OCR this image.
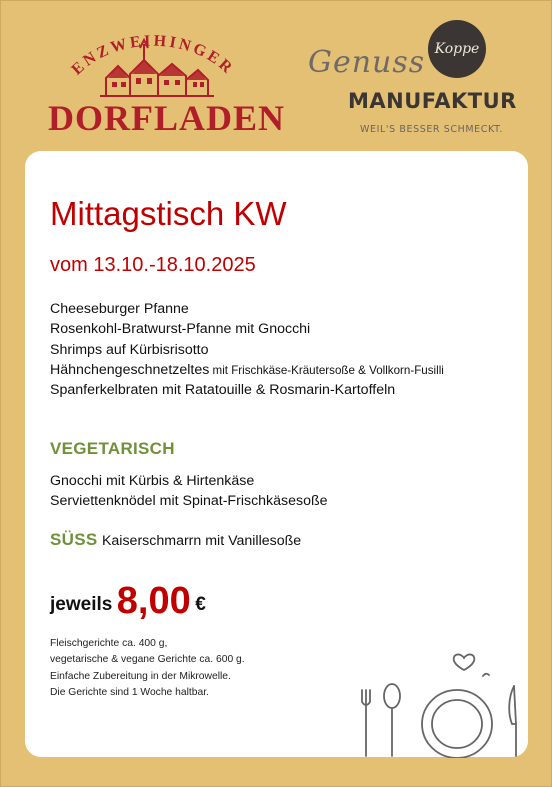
ENZWEIHINGER
DORFLADEN
Genuss Koppe
MANUFAKTUR
WEIL'S BESSER SCHMECKT.
Mittagstisch KW
vom 13.10.-18.10.2025
Cheeseburger Pfanne
Rosenkohl-Bratwurst-Pfanne mit Gnocchi
Shrimps auf Kürbisrisotto
Hähnchengeschnetzeltes mit Frischkäse-Kräutersoße & Vollkorn-Fusilli
Spanferkelbraten mit Ratatouille & Rosmarin-Kartoffeln
VEGETARISCH
Gnocchi mit Kürbis & Hirtenkäse
Serviettenknödel mit Spinat-Frischkäsesoße
SÜSS Kaiserschmarrn mit Vanillesoße
jeweils 8,00 €
Fleischgerichte ca. 400 g,
vegetarische & vegane Gerichte ca. 600 g.
Einfache Zubereitung in der Mikrowelle.
Die Gerichte sind 1 Woche haltbar.
